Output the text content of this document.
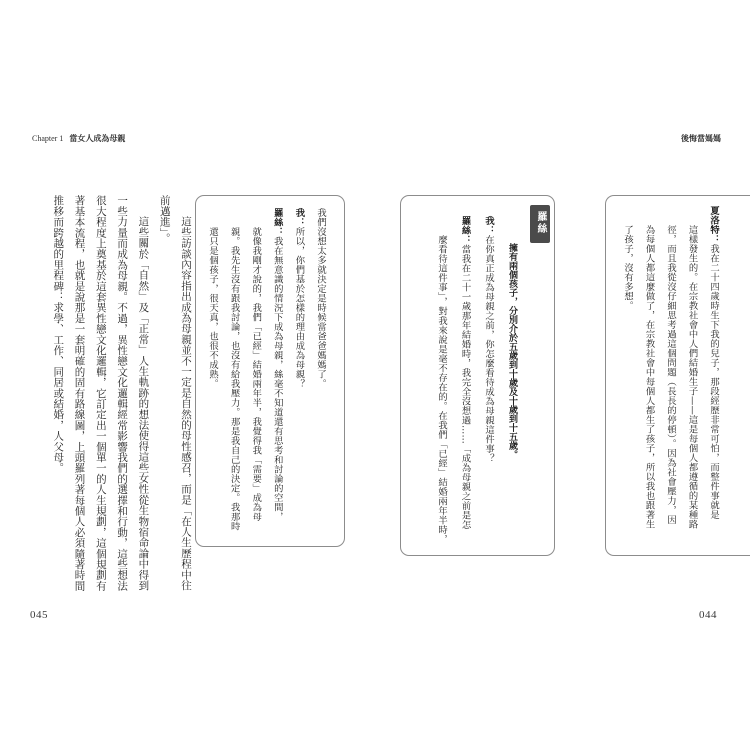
Chapter 1 當女人成為母親	後悔當媽媽
這些訪談內容指出成為母親並不一定是自然的母性感召，而是「在人生歷程中往
前邁進」。
這些關於「自然」及「正常」人生軌跡的想法使得這些女性從生物宿命論中得到
一些力量而成為母親。不過，異性戀文化邏輯經常影響我們的選擇和行動，這些想法
很大程度上奠基於這套異性戀文化邏輯，它訂定出一個單一的人生規劃，這個規劃有
著基本流程，也就是說那是一套明確的固有路線圖，上頭羅列著每個人必須隨著時間
推移而跨越的里程碑：求學、工作、同居或結婚，人父母。	我們沒想太多就決定是時候當爸爸媽媽了。
我：所以，你們基於怎樣的理由成為母親？
羅絲：我在無意識的情況下成為母親，絲毫不知道還有思考和討論的空間，
就像我剛才說的，我們「已經」結婚兩年半，我覺得我「需要」成為母
親。我先生沒有跟我討論，也沒有給我壓力。那是我自己的決定。我那時
還只是個孩子，很天真，也很不成熟。
羅絲
擁有兩個孩子，分別介於五歲到十歲及十歲到十五歲。
我：在你真正成為母親之前，你怎麼看待成為母親這件事？
羅絲：當我在二十一歲那年結婚時，我完全沒想過……「成為母親之前是怎
麼看待這件事」，對我來說是毫不存在的。在我們「已經」結婚兩年半時，
夏洛特：我在二十四歲時生下我的兒子，那段經歷非常可怕，而整件事就是
這樣發生的。在宗教社會中人們結婚生子——這是每個人都遵循的某種路
徑，而且我從沒仔細思考過這個問題（長長的停頓）。因為社會壓力，因
為每個人都這麼做了，在宗教社會中每個人都生了孩子，所以我也跟著生
了孩子，沒有多想。
045	044
